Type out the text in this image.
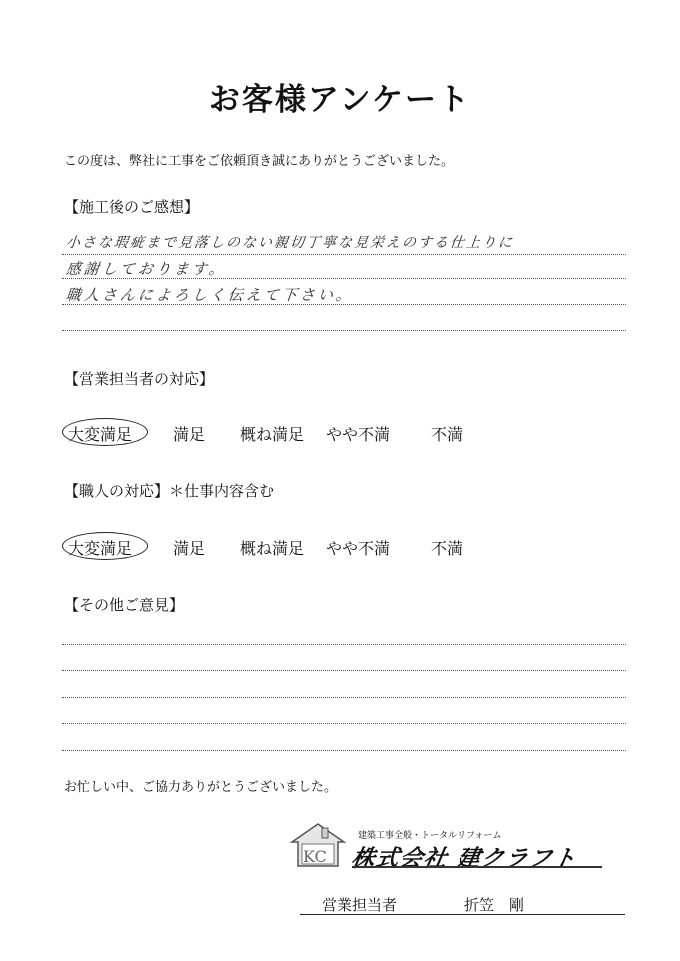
お客様アンケート
この度は、弊社に工事をご依頼頂き誠にありがとうございました。
【施工後のご感想】
小さな瑕疵まで見落しのない親切丁寧な見栄えのする仕上りに
感謝しております。
職人さんによろしく伝えて下さい。
【営業担当者の対応】
大変満足	満足 概ね満足 やや不満	不満
【職人の対応】＊仕事内容含む
大変満足	満足 概ね満足 やや不満	不満
【その他ご意見】
お忙しい中、ご協力ありがとうございました。
KC
建築工事全般・トータルリフォーム
株式会社 建クラフト
営業担当者	折笠　剛
